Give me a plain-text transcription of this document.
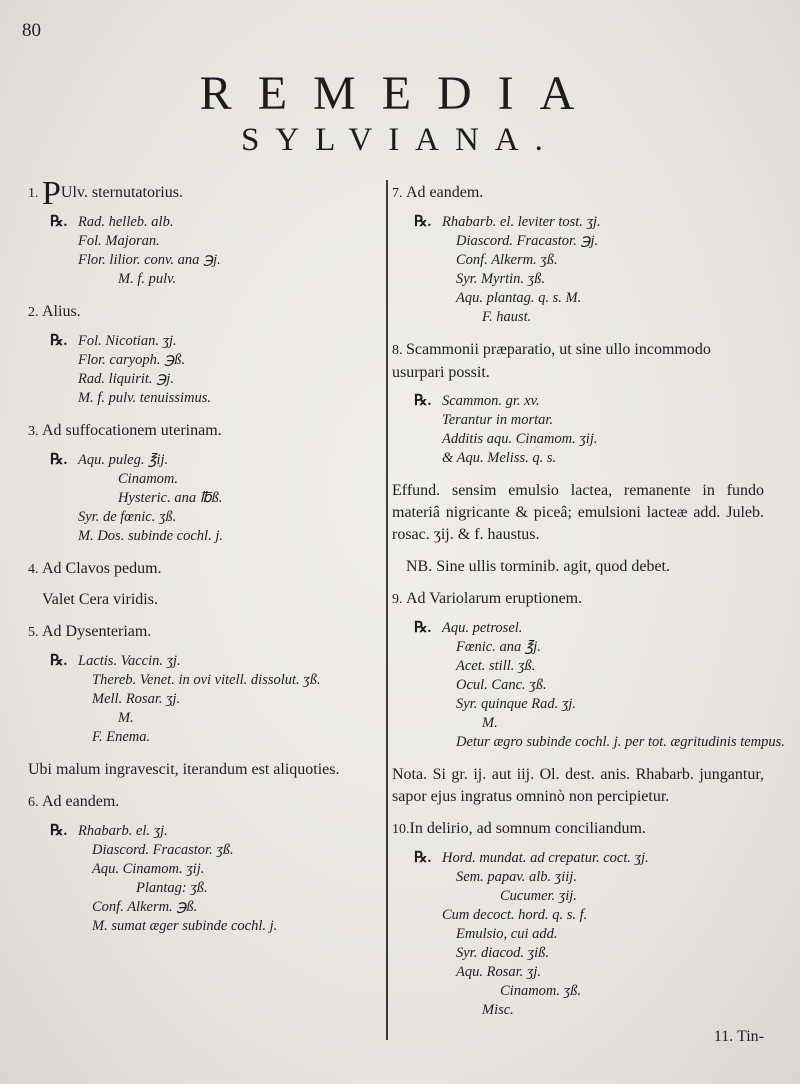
80
REMEDIA
SYLVIANA.
1.PUlv. sternutatorius.
℞. Rad. helleb. alb.
Fol. Majoran.
Flor. lilior. conv. ana ℈j.
M. f. pulv.
2.Alius.
℞. Fol. Nicotian. ʒj.
Flor. caryoph. ℈ß.
Rad. liquirit. ℈j.
M. f. pulv. tenuissimus.
3.Ad suffocationem uterinam.
℞. Aqu. puleg. ℥ij.
Cinamom.
Hysteric. ana ℔ß.
Syr. de fœnic. ʒß.
M. Dos. subinde cochl. j.
4.Ad Clavos pedum.
Valet Cera viridis.
5.Ad Dysenteriam.
℞. Lactis. Vaccin. ʒj.
Thereb. Venet. in ovi vitell. dissolut. ʒß.
Mell. Rosar. ʒj.
M.
F. Enema.
Ubi malum ingravescit, iterandum est aliquoties.
6.Ad eandem.
℞. Rhabarb. el. ʒj.
Diascord. Fracastor. ʒß.
Aqu. Cinamom. ʒij.
Plantag: ʒß.
Conf. Alkerm. ℈ß.
M. sumat æger subinde cochl. j.
7.Ad eandem.
℞. Rhabarb. el. leviter tost. ʒj.
Diascord. Fracastor. ℈j.
Conf. Alkerm. ʒß.
Syr. Myrtin. ʒß.
Aqu. plantag. q. s. M.
F. haust.
8.Scammonii præparatio, ut sine ullo incommodo usurpari possit.
℞. Scammon. gr. xv.
Terantur in mortar.
Additis aqu. Cinamom. ʒij.
& Aqu. Meliss. q. s.
Effund. sensim emulsio lactea, remanente in fundo materiâ nigricante & piceâ; emulsioni lacteæ add. Juleb. rosac. ʒij. & f. haustus.
NB. Sine ullis torminib. agit, quod debet.
9.Ad Variolarum eruptionem.
℞. Aqu. petrosel.
Fœnic. ana ℥j.
Acet. still. ʒß.
Ocul. Canc. ʒß.
Syr. quinque Rad. ʒj.
M.
Detur ægro subinde cochl. j. per tot. ægritudinis tempus.
Nota. Si gr. ij. aut iij. Ol. dest. anis. Rhabarb. jungantur, sapor ejus ingratus omninò non percipietur.
10.In delirio, ad somnum conciliandum.
℞. Hord. mundat. ad crepatur. coct. ʒj.
Sem. papav. alb. ʒiij.
Cucumer. ʒij.
Cum decoct. hord. q. s. f.
Emulsio, cui add.
Syr. diacod. ʒiß.
Aqu. Rosar. ʒj.
Cinamom. ʒß.
Misc.
11. Tin-
